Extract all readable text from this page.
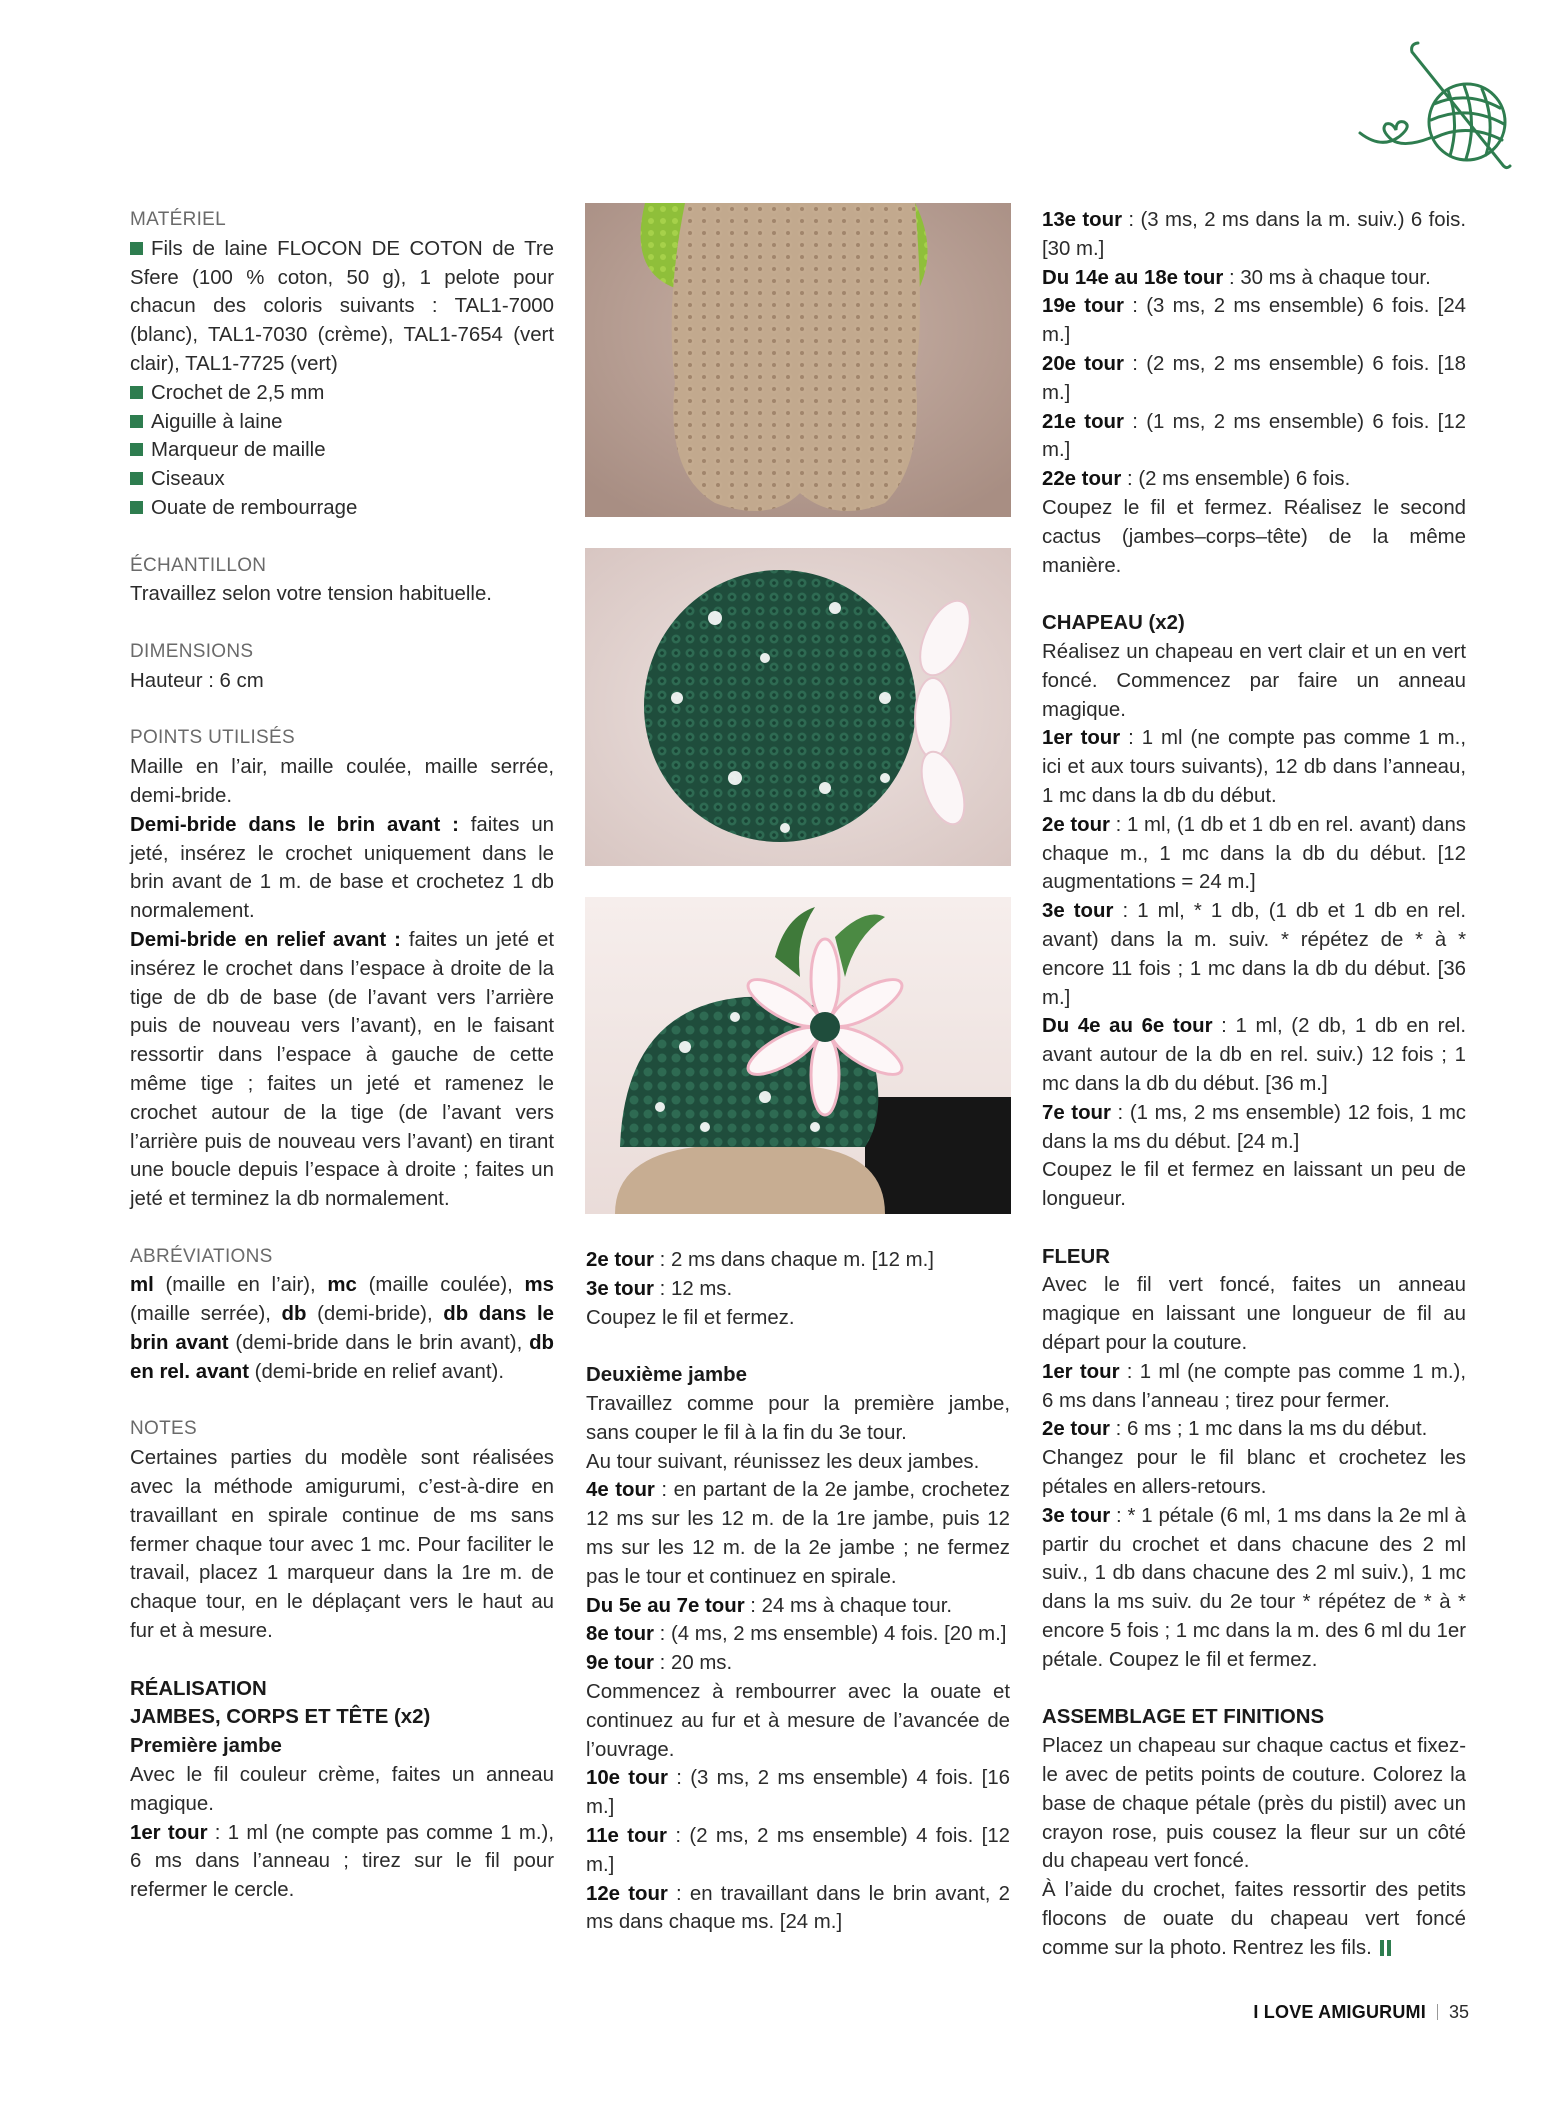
MATÉRIEL

Fils de laine FLOCON DE COTON de Tre Sfere (100 % coton, 50 g), 1 pelote pour chacun des coloris suivants : TAL1-7000 (blanc), TAL1-7030 (crème), TAL1-7654 (vert clair), TAL1-7725 (vert)

Crochet de 2,5 mm

Aiguille à laine

Marqueur de maille

Ciseaux

Ouate de rembourrage

ÉCHANTILLON

Travaillez selon votre tension habituelle.

DIMENSIONS

Hauteur : 6 cm

POINTS UTILISÉS

Maille en l’air, maille coulée, maille serrée, demi-bride.

Demi-bride dans le brin avant : faites un jeté, insérez le crochet uniquement dans le brin avant de 1 m. de base et crochetez 1 db normalement.

Demi-bride en relief avant : faites un jeté et insérez le crochet dans l’espace à droite de la tige de db de base (de l’avant vers l’arrière puis de nouveau vers l’avant), en le faisant ressortir dans l’espace à gauche de cette même tige ; faites un jeté et ramenez le crochet autour de la tige (de l’avant vers l’arrière puis de nouveau vers l’avant) en tirant une boucle depuis l’espace à droite ; faites un jeté et terminez la db normalement.

ABRÉVIATIONS

ml (maille en l’air), mc (maille coulée), ms (maille serrée), db (demi-bride), db dans le brin avant (demi-bride dans le brin avant), db en rel. avant (demi-bride en relief avant).

NOTES

Certaines parties du modèle sont réalisées avec la méthode amigurumi, c’est-à-dire en travaillant en spirale continue de ms sans fermer chaque tour avec 1 mc. Pour faciliter le travail, placez 1 marqueur dans la 1re m. de chaque tour, en le déplaçant vers le haut au fur et à mesure.

RÉALISATION

JAMBES, CORPS ET TÊTE (x2)

Première jambe

Avec le fil couleur crème, faites un anneau magique.

1er tour : 1 ml (ne compte pas comme 1 m.), 6 ms dans l’anneau ; tirez sur le fil pour refermer le cercle.

2e tour : 2 ms dans chaque m. [12 m.]

3e tour : 12 ms.

Coupez le fil et fermez.

Deuxième jambe

Travaillez comme pour la première jambe, sans couper le fil à la fin du 3e tour.

Au tour suivant, réunissez les deux jambes.

4e tour : en partant de la 2e jambe, crochetez 12 ms sur les 12 m. de la 1re jambe, puis 12 ms sur les 12 m. de la 2e jambe ; ne fermez pas le tour et continuez en spirale.

Du 5e au 7e tour : 24 ms à chaque tour.

8e tour : (4 ms, 2 ms ensemble) 4 fois. [20 m.]

9e tour : 20 ms.

Commencez à rembourrer avec la ouate et continuez au fur et à mesure de l’avancée de l’ouvrage.

10e tour : (3 ms, 2 ms ensemble) 4 fois. [16 m.]

11e tour : (2 ms, 2 ms ensemble) 4 fois. [12 m.]

12e tour : en travaillant dans le brin avant, 2 ms dans chaque ms. [24 m.]

13e tour : (3 ms, 2 ms dans la m. suiv.) 6 fois. [30 m.]

Du 14e au 18e tour : 30 ms à chaque tour.

19e tour : (3 ms, 2 ms ensemble) 6 fois. [24 m.]

20e tour : (2 ms, 2 ms ensemble) 6 fois. [18 m.]

21e tour : (1 ms, 2 ms ensemble) 6 fois. [12 m.]

22e tour : (2 ms ensemble) 6 fois.

Coupez le fil et fermez. Réalisez le second cactus (jambes–corps–tête) de la même manière.

CHAPEAU (x2)

Réalisez un chapeau en vert clair et un en vert foncé. Commencez par faire un anneau magique.

1er tour : 1 ml (ne compte pas comme 1 m., ici et aux tours suivants), 12 db dans l’anneau, 1 mc dans la db du début.

2e tour : 1 ml, (1 db et 1 db en rel. avant) dans chaque m., 1 mc dans la db du début. [12 augmentations = 24 m.]

3e tour : 1 ml, * 1 db, (1 db et 1 db en rel. avant) dans la m. suiv. * répétez de * à * encore 11 fois ; 1 mc dans la db du début. [36 m.]

Du 4e au 6e tour : 1 ml, (2 db, 1 db en rel. avant autour de la db en rel. suiv.) 12 fois ; 1 mc dans la db du début. [36 m.]

7e tour : (1 ms, 2 ms ensemble) 12 fois, 1 mc dans la ms du début. [24 m.]

Coupez le fil et fermez en laissant un peu de longueur.

FLEUR

Avec le fil vert foncé, faites un anneau magique en laissant une longueur de fil au départ pour la couture.

1er tour : 1 ml (ne compte pas comme 1 m.), 6 ms dans l’anneau ; tirez pour fermer.

2e tour : 6 ms ; 1 mc dans la ms du début.

Changez pour le fil blanc et crochetez les pétales en allers-retours.

3e tour : * 1 pétale (6 ml, 1 ms dans la 2e ml à partir du crochet et dans chacune des 2 ml suiv., 1 db dans chacune des 2 ml suiv.), 1 mc dans la ms suiv. du 2e tour * répétez de * à * encore 5 fois ; 1 mc dans la m. des 6 ml du 1er pétale. Coupez le fil et fermez.

ASSEMBLAGE ET FINITIONS

Placez un chapeau sur chaque cactus et fixez-le avec de petits points de couture. Colorez la base de chaque pétale (près du pistil) avec un crayon rose, puis cousez la fleur sur un côté du chapeau vert foncé.

À l’aide du crochet, faites ressortir des petits flocons de ouate du chapeau vert foncé comme sur la photo. Rentrez les fils.

I LOVE AMIGURUMI 35
